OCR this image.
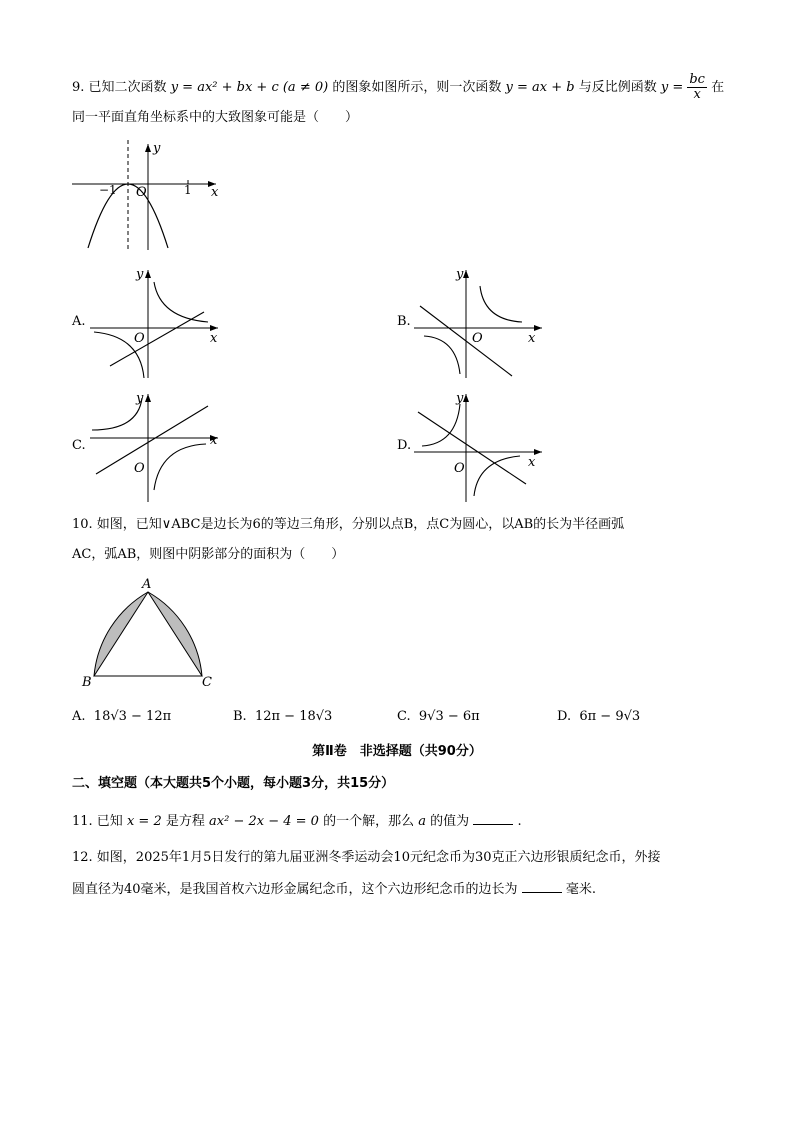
9. 已知二次函数 y = ax² + bx + c (a ≠ 0) 的图象如图所示，则一次函数 y = ax + b 与反比例函数 $y = \frac{bc}{x}$ 在
同一平面直角坐标系中的大致图象可能是（　　）
x
y
O
−1	1
A.
x
y
O
B.
x
y
O
C.	x
y
O
D.
x
y
O
10. 如图，已知∨ABC是边长为6的等边三角形，分别以点B，点C为圆心，以AB的长为半径画弧
AC，弧AB，则图中阴影部分的面积为（　　）
A
B	C
A. 18√3 − 12π	B. 12π − 18√3	C. 9√3 − 6π	D. 6π − 9√3
第Ⅱ卷　非选择题（共90分）
二、填空题（本大题共5个小题，每小题3分，共15分）
11. 已知 x = 2 是方程 ax² − 2x − 4 = 0 的一个解，那么 a 的值为	.
12. 如图，2025年1月5日发行的第九届亚洲冬季运动会10元纪念币为30克正六边形银质纪念币，外接
圆直径为40毫米，是我国首枚六边形金属纪念币，这个六边形纪念币的边长为	毫米.
